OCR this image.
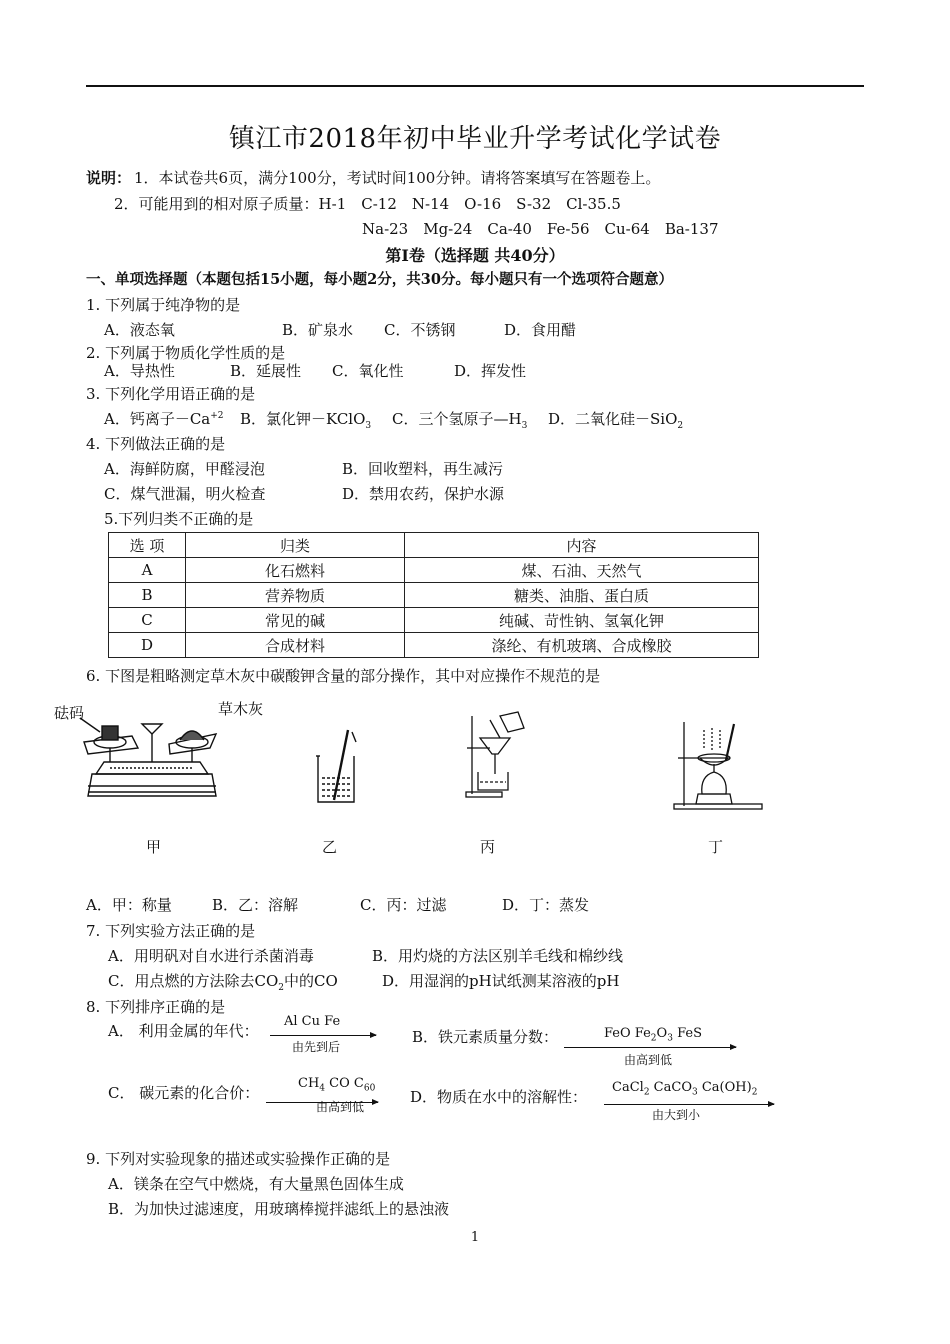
镇江市2018年初中毕业升学考试化学试卷
说明： 1．本试卷共6页，满分100分，考试时间100分钟。请将答案填写在答题卷上。
2．可能用到的相对原子质量：H-1　C-12　N-14　O-16　S-32　Cl-35.5
Na-23　Mg-24　Ca-40　Fe-56　Cu-64　Ba-137
第Ⅰ卷（选择题 共40分）
一、单项选择题（本题包括15小题，每小题2分，共30分。每小题只有一个选项符合题意）
1. 下列属于纯净物的是
A．液态氧	B．矿泉水 C．不锈钢	D．食用醋
2. 下列属于物质化学性质的是
A．导热性	B．延展性 C．氧化性	D．挥发性
3. 下列化学用语正确的是
A．钙离子$-Ca^{+2}$ B．氯化钾－KClO$_3$ C．三个氢原子$—H_3$ D．二氧化硅－SiO$_2$
4. 下列做法正确的是
A．海鲜防腐，甲醛浸泡	B．回收塑料，再生减污
C．煤气泄漏，明火检查	D．禁用农药，保护水源
5.下列归类不正确的是
选 项	归类	内容
A	化石燃料	煤、石油、天然气
B	营养物质	糖类、油脂、蛋白质
C	常见的碱	纯碱、苛性钠、氢氧化钾
D	合成材料	涤纶、有机玻璃、合成橡胶
6. 下图是粗略测定草木灰中碳酸钾含量的部分操作，其中对应操作不规范的是
砝码	草木灰
甲	乙	丙	丁
A．甲：称量	B．乙：溶解	C．丙：过滤	D．丁：蒸发
7. 下列实验方法正确的是
A．用明矾对自水进行杀菌消毒	B．用灼烧的方法区别羊毛线和棉纱线
C．用点燃的方法除去$CO_2$中的CO	D．用湿润的pH试纸测某溶液的pH
8. 下列排序正确的是
A． 利用金属的年代：
Al Cu Fe
由先到后
B．铁元素质量分数：	FeO $Fe_2O_3$ FeS
由高到低
C． 碳元素的化合价：
$CH_4$ CO $C_{60}$
由高到低
D．物质在水中的溶解性：
CaCl$_2$ CaCO$_3$ $Ca(OH)_2$
由大到小
9. 下列对实验现象的描述或实验操作正确的是
A．镁条在空气中燃烧，有大量黑色固体生成
B．为加快过滤速度，用玻璃棒搅拌滤纸上的悬浊液
1
